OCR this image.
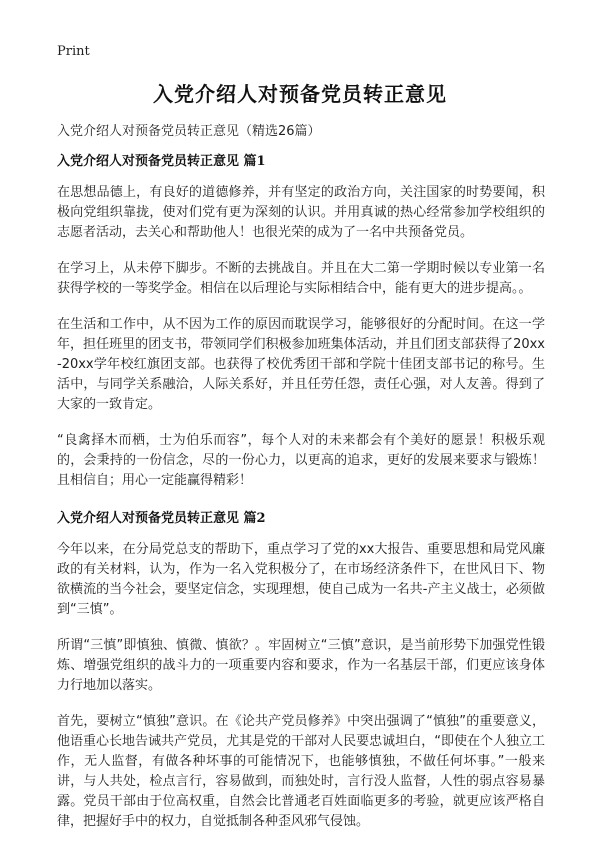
Print
入党介绍人对预备党员转正意见
入党介绍人对预备党员转正意见（精选26篇）
入党介绍人对预备党员转正意见 篇1

在思想品德上，有良好的道德修养，并有坚定的政治方向，关注国家的时势要闻，积极向党组织靠拢，使对们党有更为深刻的认识。并用真诚的热心经常参加学校组织的志愿者活动，去关心和帮助他人！也很光荣的成为了一名中共预备党员。

在学习上，从未停下脚步。不断的去挑战自。并且在大二第一学期时候以专业第一名获得学校的一等奖学金。相信在以后理论与实际相结合中，能有更大的进步提高。。

在生活和工作中，从不因为工作的原因而耽误学习，能够很好的分配时间。在这一学年，担任班里的团支书，带领同学们积极参加班集体活动，并且们团支部获得了20xx-20xx学年校红旗团支部。也获得了校优秀团干部和学院十佳团支部书记的称号。生活中，与同学关系融洽，人际关系好，并且任劳任怨，责任心强，对人友善。得到了大家的一致肯定。

“良禽择木而栖，士为伯乐而容”，每个人对的未来都会有个美好的愿景！积极乐观的，会秉持的一份信念，尽的一份心力，以更高的追求，更好的发展来要求与锻炼！且相信自；用心一定能赢得精彩！

入党介绍人对预备党员转正意见 篇2

今年以来，在分局党总支的帮助下，重点学习了党的xx大报告、重要思想和局党风廉政的有关材料，认为，作为一名入党积极分了，在市场经济条件下，在世风日下、物欲横流的当今社会，要坚定信念，实现理想，使自己成为一名共-产主义战士，必须做到“三慎”。

所谓“三慎”即慎独、慎微、慎欲？。牢固树立“三慎”意识，是当前形势下加强党性锻炼、增强党组织的战斗力的一项重要内容和要求，作为一名基层干部，们更应该身体力行地加以落实。

首先，要树立“慎独”意识。在《论共产党员修养》中突出强调了“慎独”的重要意义，他语重心长地告诫共产党员，尤其是党的干部对人民要忠诚坦白，“即使在个人独立工作，无人监督，有做各种坏事的可能情况下，也能够慎独，不做任何坏事。”一般来讲，与人共处，检点言行，容易做到，而独处时，言行没人监督，人性的弱点容易暴露。党员干部由于位高权重，自然会比普通老百姓面临更多的考验，就更应该严格自律，把握好手中的权力，自觉抵制各种歪风邪气侵蚀。
